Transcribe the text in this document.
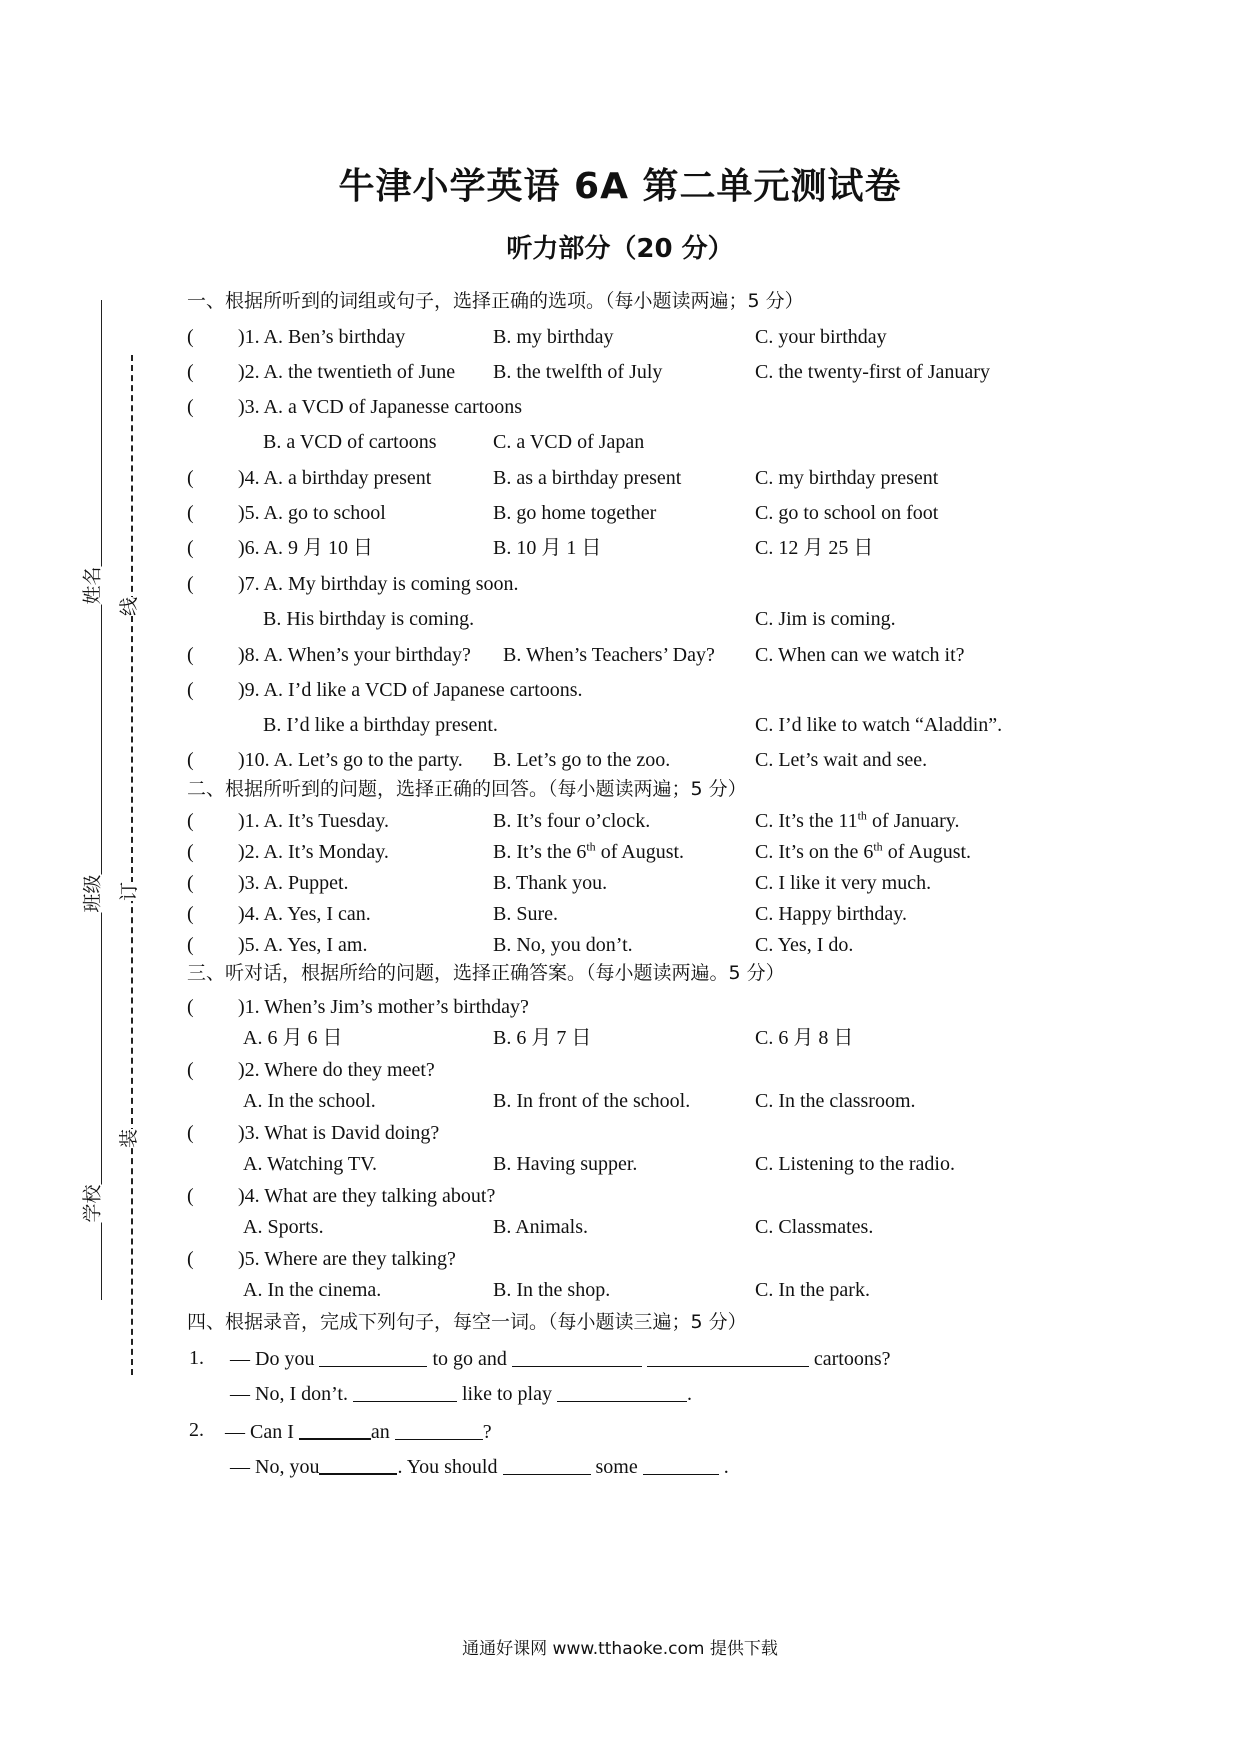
牛津小学英语 6A 第二单元测试卷
听力部分（20 分）
姓名
班级
学校
线
订
装
一、根据所听到的词组或句子，选择正确的选项。（每小题读两遍；5 分）
( )1. A. Ben’s birthday	B. my birthday	C. your birthday
( )2. A. the twentieth of June B. the twelfth of July	C. the twenty-first of January
( )3. A. a VCD of Japanesse cartoons
B. a VCD of cartoons	C. a VCD of Japan
( )4. A. a birthday present	B. as a birthday present	C. my birthday present
( )5. A. go to school	B. go home together	C. go to school on foot
( )6. A. 9 月 10 日	B. 10 月 1 日	C. 12 月 25 日
( )7. A. My birthday is coming soon.
B. His birthday is coming.	C. Jim is coming.
( )8. A. When’s your birthday? B. When’s Teachers’ Day? C. When can we watch it?
( )9. A. I’d like a VCD of Japanese cartoons.
B. I’d like a birthday present.	C. I’d like to watch “Aladdin”.
( )10. A. Let’s go to the party. B. Let’s go to the zoo.	C. Let’s wait and see.
二、根据所听到的问题，选择正确的回答。（每小题读两遍；5 分）
( )1. A. It’s Tuesday.	B. It’s four o’clock.	C. It’s the 11th of January.
( )2. A. It’s Monday.	B. It’s the 6th of August.	C. It’s on the 6th of August.
( )3. A. Puppet.	B. Thank you.	C. I like it very much.
( )4. A. Yes, I can.	B. Sure.	C. Happy birthday.
( )5. A. Yes, I am.	B. No, you don’t.	C. Yes, I do.
三、听对话，根据所给的问题，选择正确答案。（每小题读两遍。5 分）
( )1. When’s Jim’s mother’s birthday?
A. 6 月 6 日	B. 6 月 7 日	C. 6 月 8 日
( )2. Where do they meet?
A. In the school.	B. In front of the school.	C. In the classroom.
( )3. What is David doing?
A. Watching TV.	B. Having supper.	C. Listening to the radio.
( )4. What are they talking about?
A. Sports.	B. Animals.	C. Classmates.
( )5. Where are they talking?
A. In the cinema.	B. In the shop.	C. In the park.
四、根据录音，完成下列句子，每空一词。（每小题读三遍；5 分）
1. — Do you	to go and	cartoons?
— No, I don’t.	like to play	.
2. — Can I	an	?
— No, you	. You should	some	.
通通好课网 www.tthaoke.com 提供下载
